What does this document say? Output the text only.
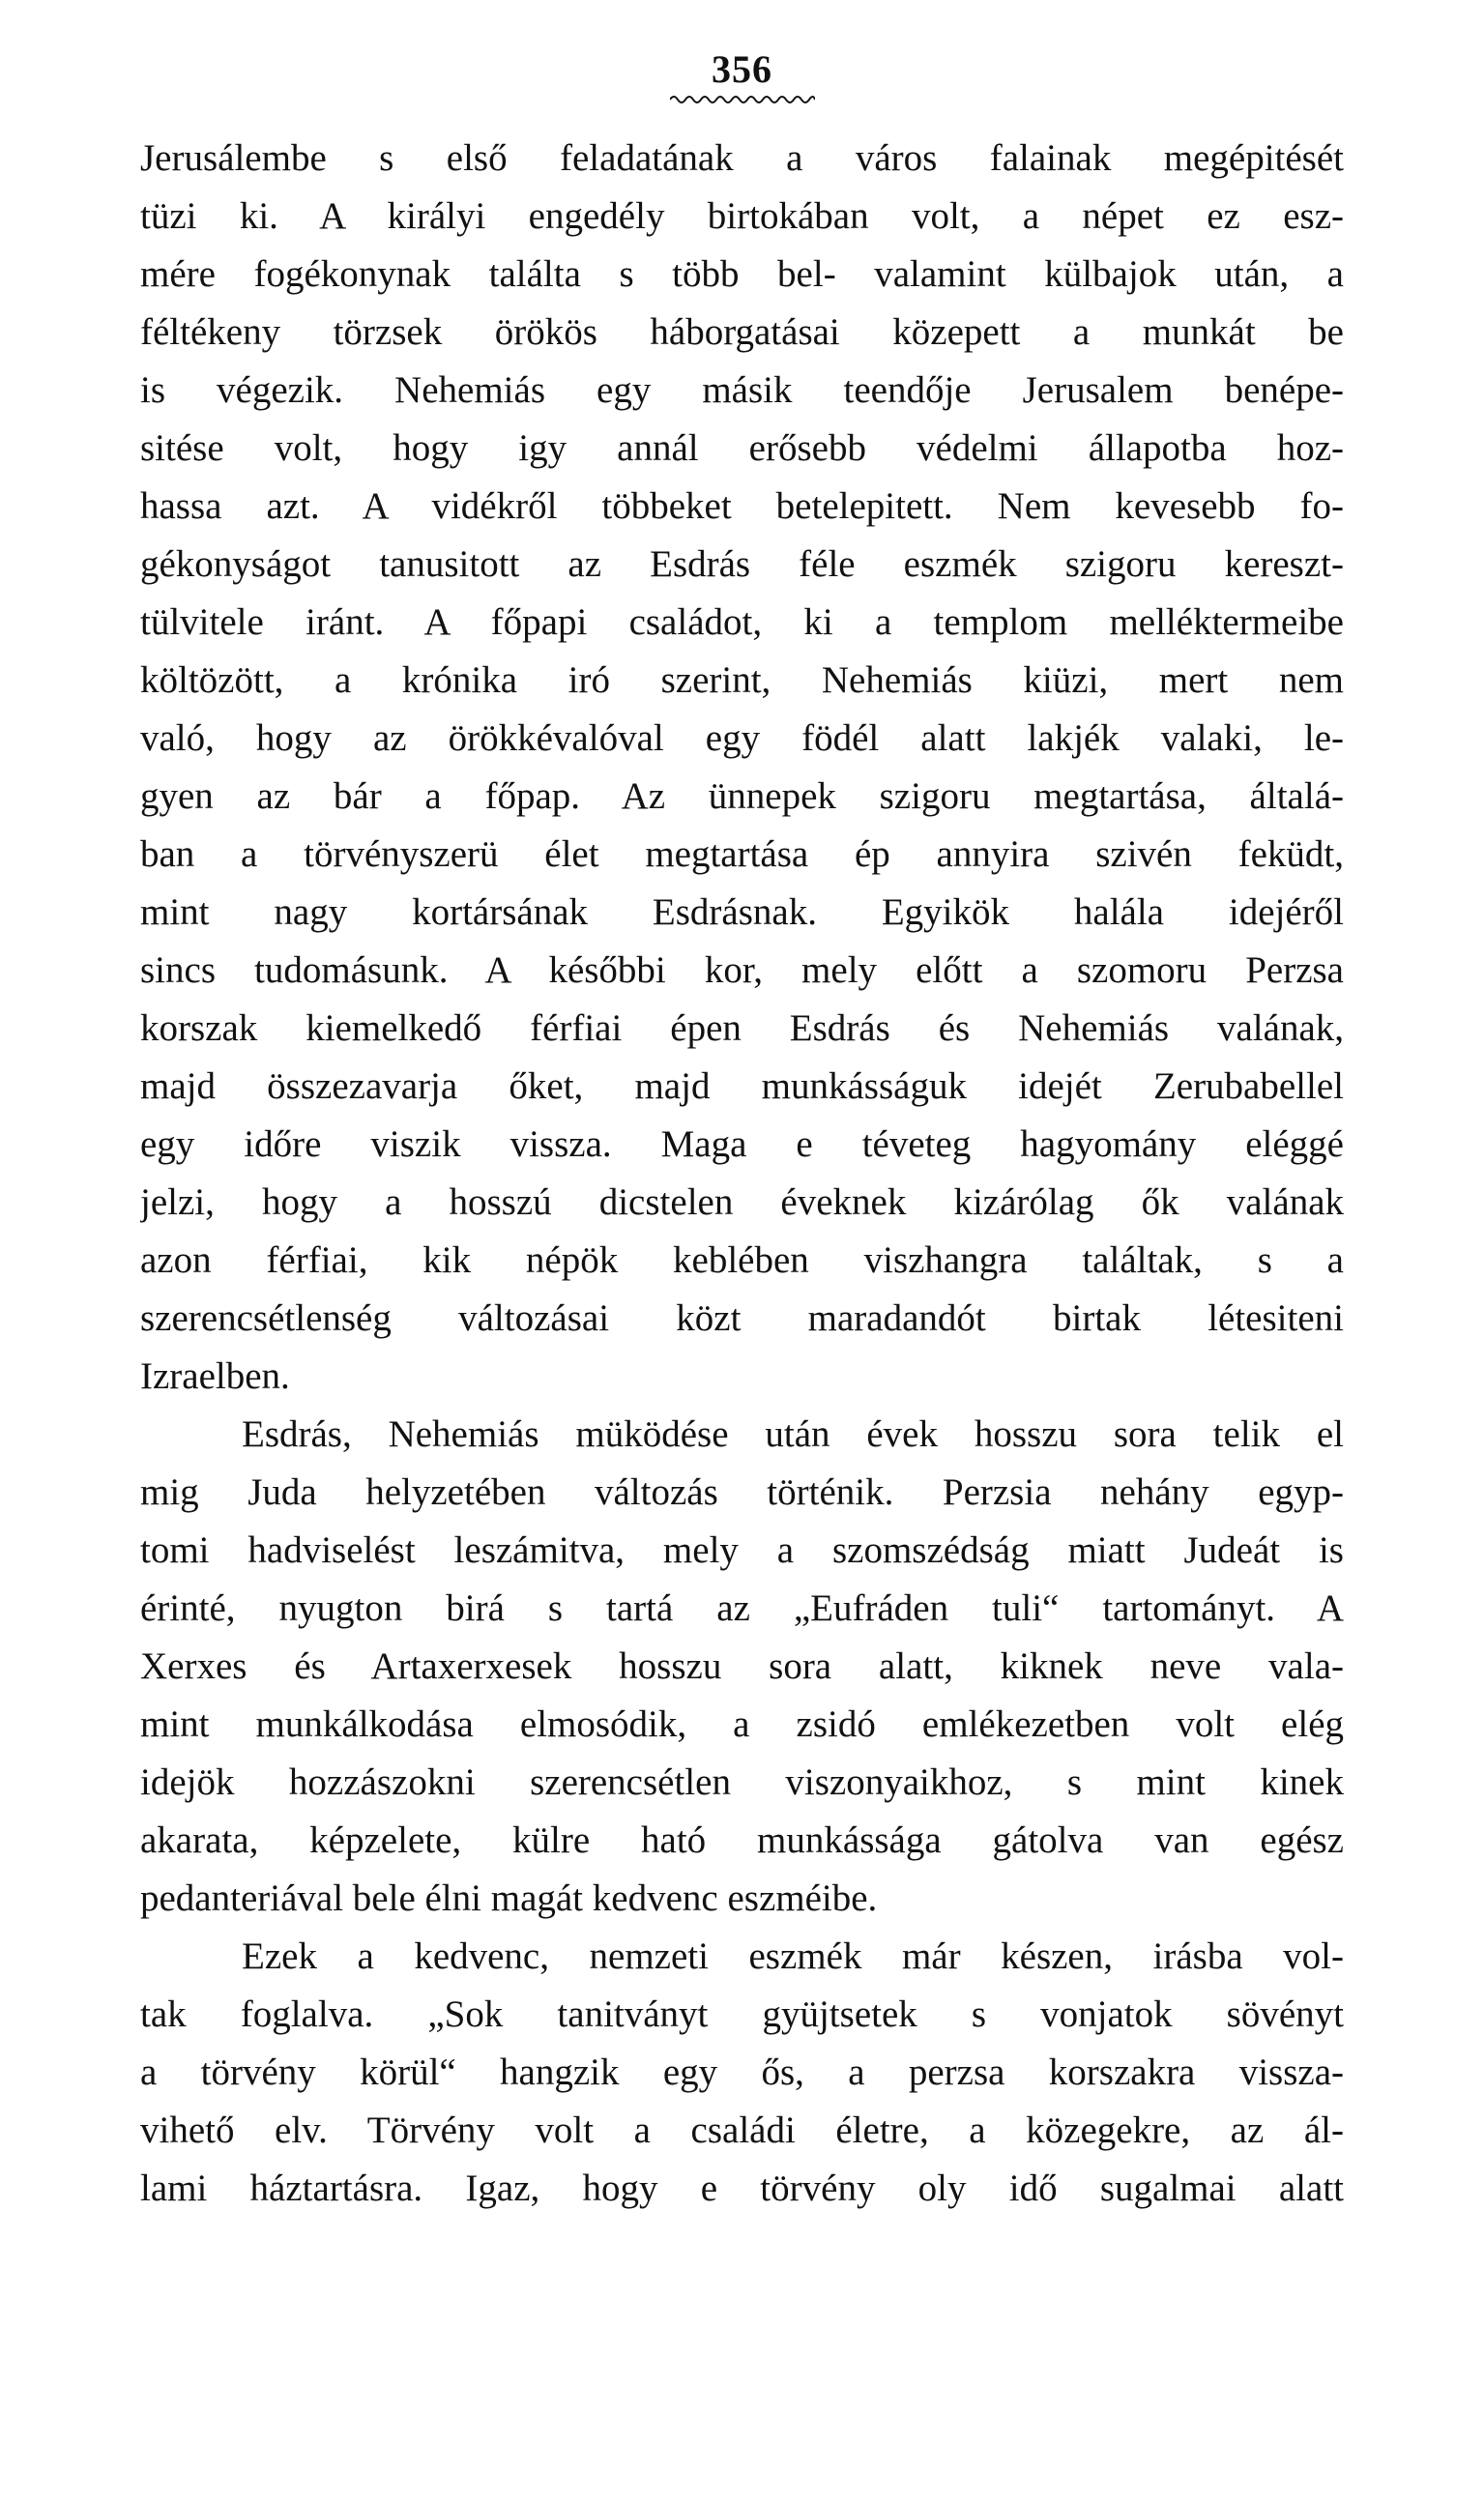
356
Jerusálembe s első feladatának a város falainak megépitését
tüzi ki. A királyi engedély birtokában volt, a népet ez esz-
mére fogékonynak találta s több bel- valamint külbajok után, a
féltékeny törzsek örökös háborgatásai közepett a munkát be
is végezik. Nehemiás egy másik teendője Jerusalem benépe-
sitése volt, hogy igy annál erősebb védelmi állapotba hoz-
hassa azt. A vidékről többeket betelepitett. Nem kevesebb fo-
gékonyságot tanusitott az Esdrás féle eszmék szigoru kereszt-
tülvitele iránt. A főpapi családot, ki a templom melléktermeibe
költözött, a krónika iró szerint, Nehemiás kiüzi, mert nem
való, hogy az örökkévalóval egy födél alatt lakjék valaki, le-
gyen az bár a főpap. Az ünnepek szigoru megtartása, általá-
ban a törvényszerü élet megtartása ép annyira szivén feküdt,
mint nagy kortársának Esdrásnak. Egyikök halála idejéről
sincs tudomásunk. A későbbi kor, mely előtt a szomoru Perzsa
korszak kiemelkedő férfiai épen Esdrás és Nehemiás valának,
majd összezavarja őket, majd munkásságuk idejét Zerubabellel
egy időre viszik vissza. Maga e téveteg hagyomány eléggé
jelzi, hogy a hosszú dicstelen éveknek kizárólag ők valának
azon férfiai, kik népök keblében viszhangra találtak, s a
szerencsétlenség változásai közt maradandót birtak létesiteni
Izraelben.
Esdrás, Nehemiás müködése után évek hosszu sora telik el
mig Juda helyzetében változás történik. Perzsia nehány egyp-
tomi hadviselést leszámitva, mely a szomszédság miatt Judeát is
érinté, nyugton birá s tartá az „Eufráden tuli“ tartományt. A
Xerxes és Artaxerxesek hosszu sora alatt, kiknek neve vala-
mint munkálkodása elmosódik, a zsidó emlékezetben volt elég
idejök hozzászokni szerencsétlen viszonyaikhoz, s mint kinek
akarata, képzelete, külre ható munkássága gátolva van egész
pedanteriával bele élni magát kedvenc eszméibe.
Ezek a kedvenc, nemzeti eszmék már készen, irásba vol-
tak foglalva. „Sok tanitványt gyüjtsetek s vonjatok sövényt
a törvény körül“ hangzik egy ős, a perzsa korszakra vissza-
vihető elv. Törvény volt a családi életre, a közegekre, az ál-
lami háztartásra. Igaz, hogy e törvény oly idő sugalmai alatt
